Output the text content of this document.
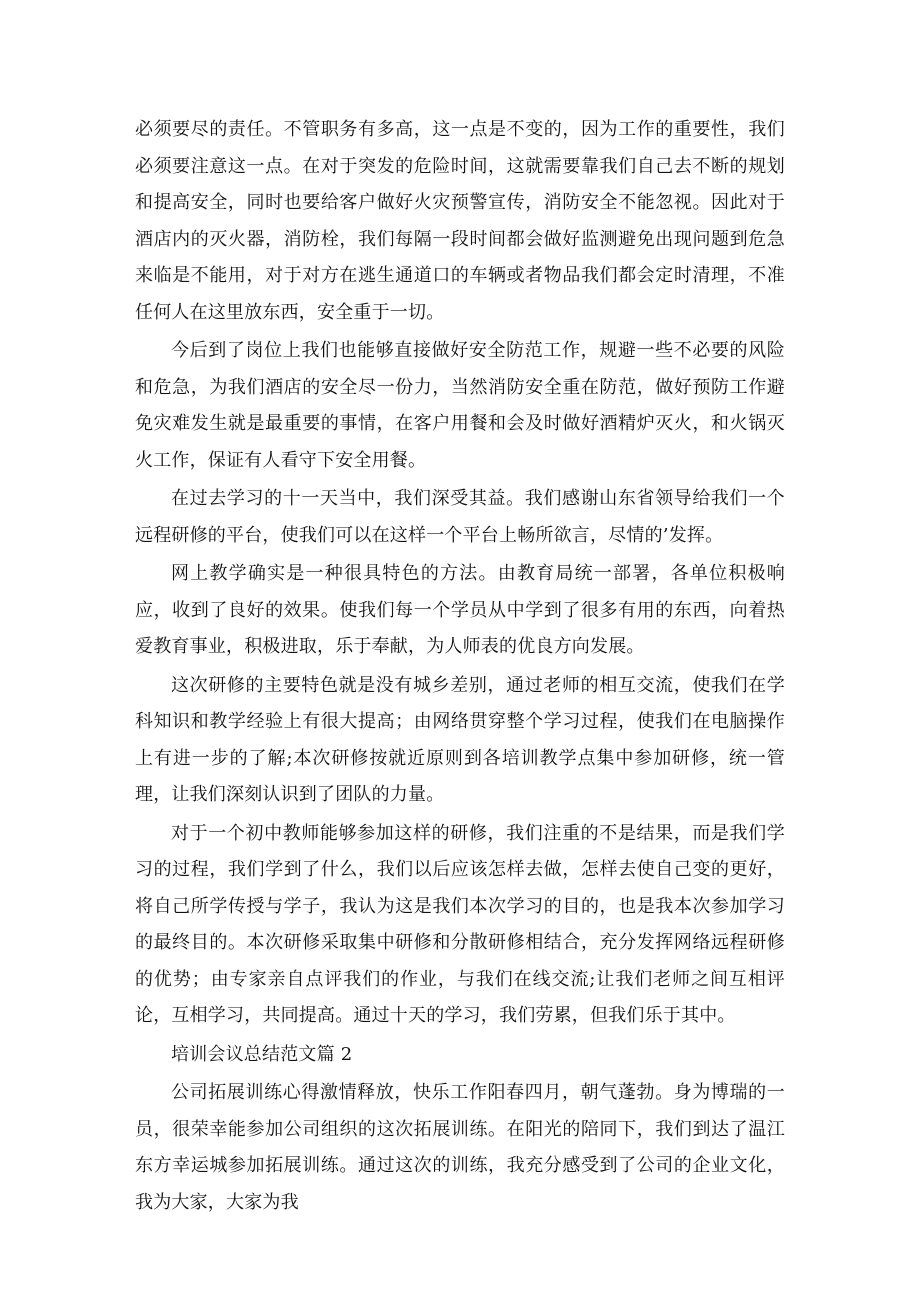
必须要尽的责任。不管职务有多高，这一点是不变的，因为工作的重要性，我们必须要注意这一点。在对于突发的危险时间，这就需要靠我们自己去不断的规划和提高安全，同时也要给客户做好火灾预警宣传，消防安全不能忽视。因此对于酒店内的灭火器，消防栓，我们每隔一段时间都会做好监测避免出现问题到危急来临是不能用，对于对方在逃生通道口的车辆或者物品我们都会定时清理，不准任何人在这里放东西，安全重于一切。

今后到了岗位上我们也能够直接做好安全防范工作，规避一些不必要的风险和危急，为我们酒店的安全尽一份力，当然消防安全重在防范，做好预防工作避免灾难发生就是最重要的事情，在客户用餐和会及时做好酒精炉灭火，和火锅灭火工作，保证有人看守下安全用餐。

在过去学习的十一天当中，我们深受其益。我们感谢山东省领导给我们一个远程研修的平台，使我们可以在这样一个平台上畅所欲言，尽情的’发挥。

网上教学确实是一种很具特色的方法。由教育局统一部署，各单位积极响应，收到了良好的效果。使我们每一个学员从中学到了很多有用的东西，向着热爱教育事业，积极进取，乐于奉献，为人师表的优良方向发展。

这次研修的主要特色就是没有城乡差别，通过老师的相互交流，使我们在学科知识和教学经验上有很大提高；由网络贯穿整个学习过程，使我们在电脑操作上有进一步的了解;本次研修按就近原则到各培训教学点集中参加研修，统一管理，让我们深刻认识到了团队的力量。

对于一个初中教师能够参加这样的研修，我们注重的不是结果，而是我们学习的过程，我们学到了什么，我们以后应该怎样去做，怎样去使自己变的更好，将自己所学传授与学子，我认为这是我们本次学习的目的，也是我本次参加学习的最终目的。本次研修采取集中研修和分散研修相结合，充分发挥网络远程研修的优势；由专家亲自点评我们的作业，与我们在线交流;让我们老师之间互相评论，互相学习，共同提高。通过十天的学习，我们劳累，但我们乐于其中。

培训会议总结范文篇 2

公司拓展训练心得激情释放，快乐工作阳春四月，朝气蓬勃。身为博瑞的一员，很荣幸能参加公司组织的这次拓展训练。在阳光的陪同下，我们到达了温江东方幸运城参加拓展训练。通过这次的训练，我充分感受到了公司的企业文化，我为大家，大家为我
